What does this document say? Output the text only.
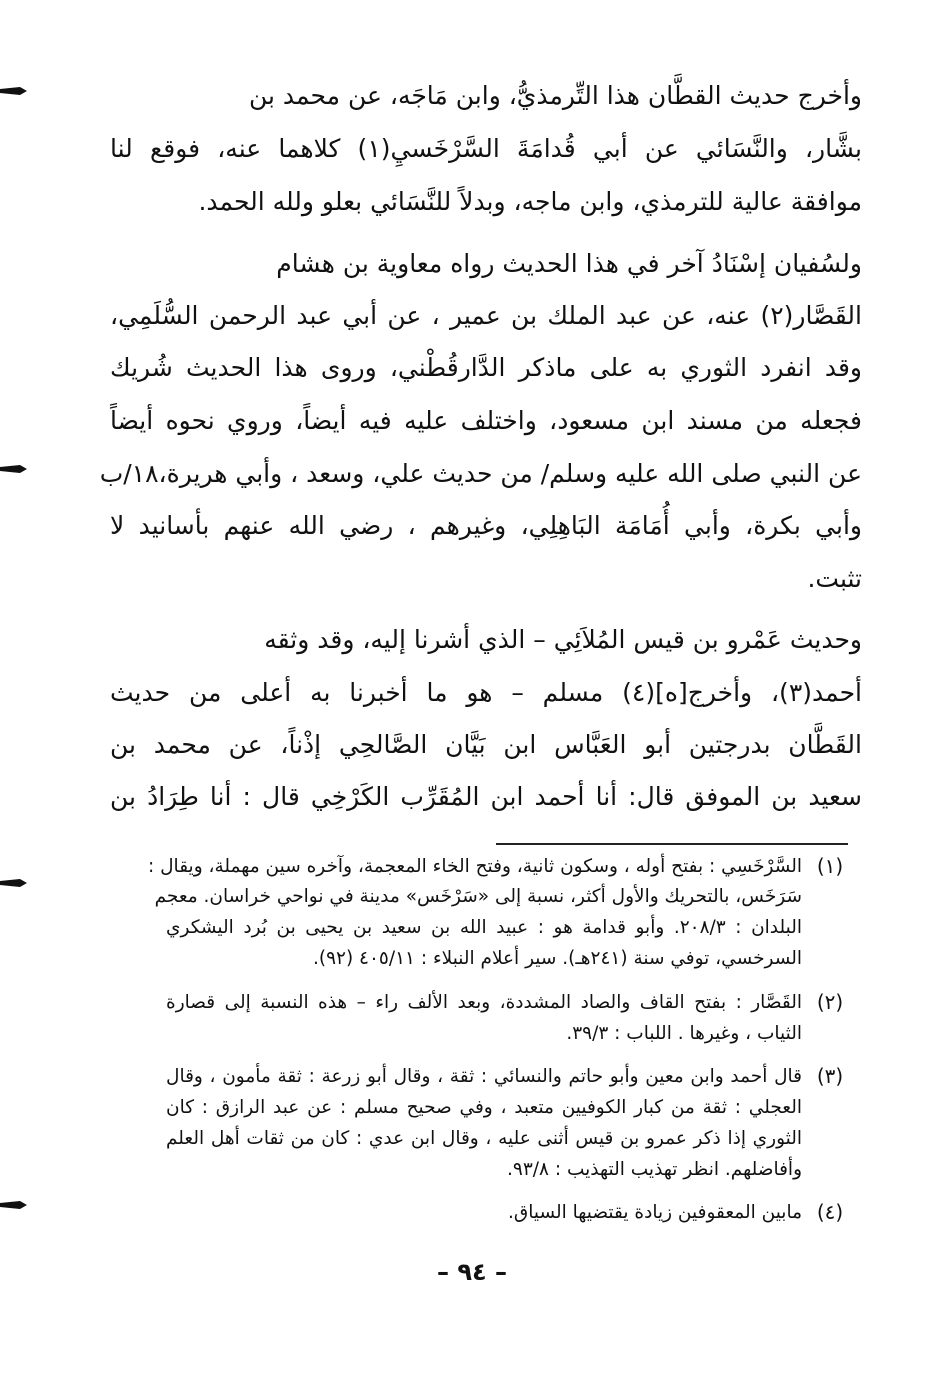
وأخرج حديث القطَّان هذا التِّرمذيُّ، وابن مَاجَه، عن محمد بن
بشَّار، والنَّسَائي عن أبي قُدامَةَ السَّرْخَسيِ(١) كلاهما عنه، فوقع لنا
موافقة عالية للترمذي، وابن ماجه، وبدلاً للنَّسَائي بعلو ولله الحمد.
ولسُفيان إسْنَادُ آخر في هذا الحديث رواه معاوية بن هشام
القَصَّار(٢) عنه، عن عبد الملك بن عمير ، عن أبي عبد الرحمن السُّلَمِي،
وقد انفرد الثوري به على ماذكر الدَّارقُطْني، وروى هذا الحديث شُريك
فجعله من مسند ابن مسعود، واختلف عليه فيه أيضاً، وروي نحوه أيضاً
عن النبي صلى الله عليه وسلم/ من حديث علي، وسعد ، وأبي هريرة،١٨/ب
وأبي بكرة، وأبي أُمَامَة البَاهِلِي، وغيرهم ، رضي الله عنهم بأسانيد لا
تثبت.
وحديث عَمْرو بن قيس المُلاَئِي – الذي أشرنا إليه، وقد وثقه
أحمد(٣)، وأخرج[ه](٤) مسلم – هو ما أخبرنا به أعلى من حديث
القَطَّان بدرجتين أبو العَبَّاس ابن بَيَّان الصَّالحِي إذْناً، عن محمد بن
سعيد بن الموفق قال: أنا أحمد ابن المُقَرِّب الكَرْخِي قال : أنا طِرَادُ بن
(١)
السَّرْخَسِي : بفتح أوله ، وسكون ثانية، وفتح الخاء المعجمة، وآخره سين مهملة، ويقال :
سَرَخَس، بالتحريك والأول أكثر، نسبة إلى «سَرْخَس» مدينة في نواحي خراسان. معجم
البلدان : ٢٠٨/٣. وأبو قدامة هو : عبيد الله بن سعيد بن يحيى بن بُرد اليشكري
السرخسي، توفي سنة (٢٤١هـ). سير أعلام النبلاء : ٤٠٥/١١ (٩٢).
(٢)
القَصَّار : بفتح القاف والصاد المشددة، وبعد الألف راء – هذه النسبة إلى قصارة
الثياب ، وغيرها . اللباب : ٣٩/٣.
(٣)
قال أحمد وابن معين وأبو حاتم والنسائي : ثقة ، وقال أبو زرعة : ثقة مأمون ، وقال
العجلي : ثقة من كبار الكوفيين متعبد ، وفي صحيح مسلم : عن عبد الرازق : كان
الثوري إذا ذكر عمرو بن قيس أثنى عليه ، وقال ابن عدي : كان من ثقات أهل العلم
وأفاضلهم. انظر تهذيب التهذيب : ٩٣/٨.
(٤)
مابين المعقوفين زيادة يقتضيها السياق.
– ٩٤ –
